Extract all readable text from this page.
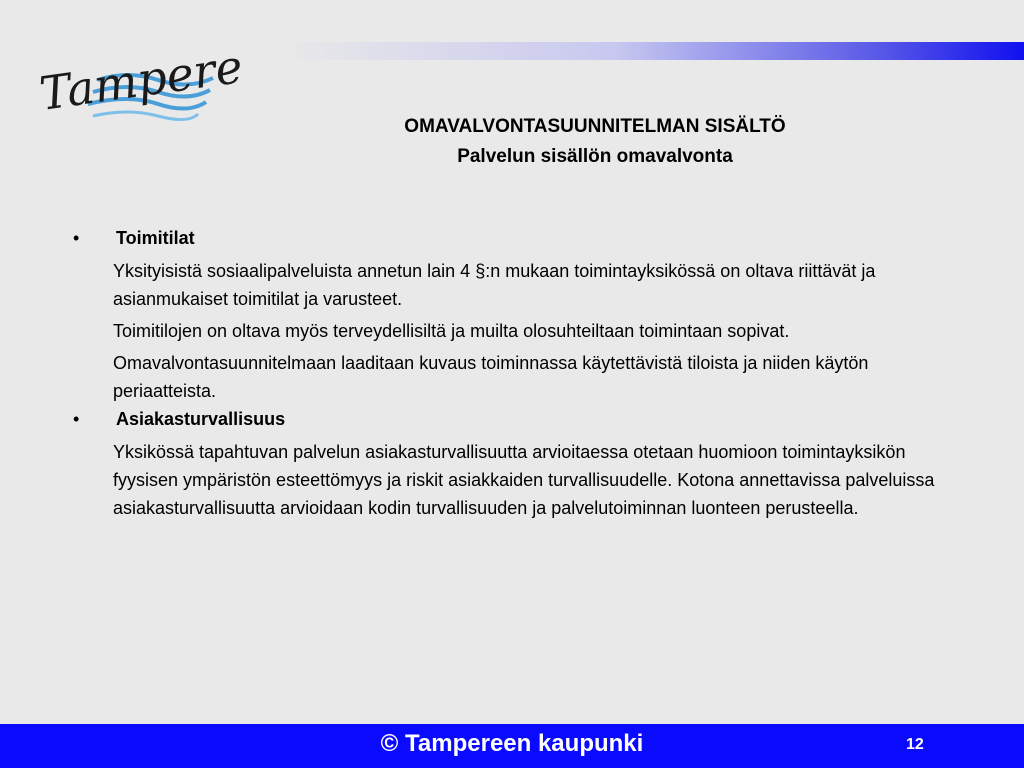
Tampere
OMAVALVONTASUUNNITELMAN SISÄLTÖ
Palvelun sisällön omavalvonta
•	Toimitilat
Yksityisistä sosiaalipalveluista annetun lain 4 §:n mukaan toimintayksikössä on oltava riittävät ja asianmukaiset toimitilat ja varusteet.
Toimitilojen on oltava myös terveydellisiltä ja muilta olosuhteiltaan toimintaan sopivat.
Omavalvontasuunnitelmaan laaditaan kuvaus toiminnassa käytettävistä tiloista ja niiden käytön periaatteista.
•	Asiakasturvallisuus
Yksikössä tapahtuvan palvelun asiakasturvallisuutta arvioitaessa otetaan huomioon toimintayksikön fyysisen ympäristön esteettömyys ja riskit asiakkaiden turvallisuudelle. Kotona annettavissa palveluissa asiakasturvallisuutta arvioidaan kodin turvallisuuden ja palvelutoiminnan luonteen perusteella.
© Tampereen kaupunki	12
